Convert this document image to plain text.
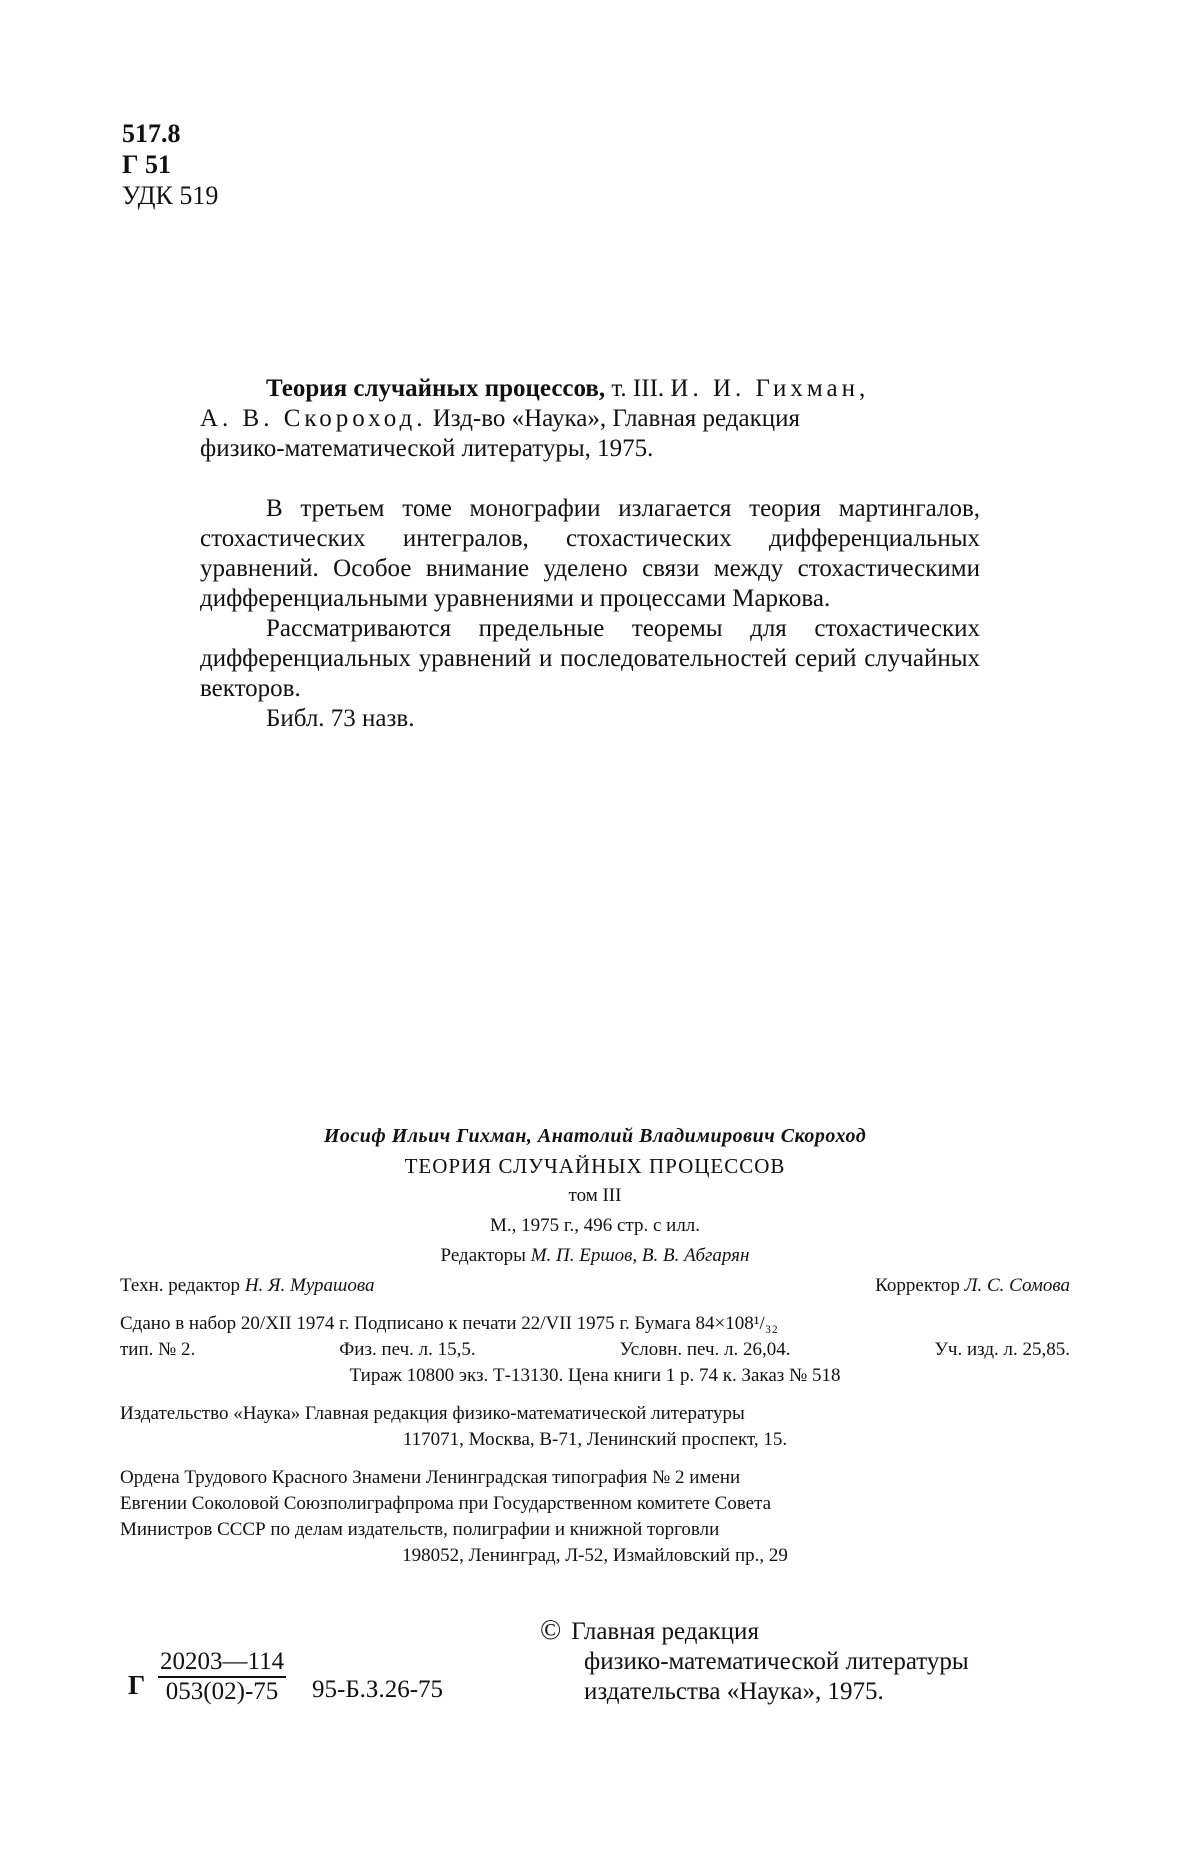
517.8
Г 51
УДК 519
Теория случайных процессов, т. III. И. И. Гихман,
А. В. Скороход. Изд-во «Наука», Главная редакция
физико-математической литературы, 1975.

В третьем томе монографии излагается теория мартингалов, стохастических интегралов, стохастических дифференциальных уравнений. Особое внимание уделено связи между стохастическими дифференциальными уравнениями и процессами Маркова.

Рассматриваются предельные теоремы для стохастических дифференциальных уравнений и последовательностей серий случайных векторов.

Библ. 73 назв.

Иосиф Ильич Гихман, Анатолий Владимирович Скороход
ТЕОРИЯ СЛУЧАЙНЫХ ПРОЦЕССОВ
том III
М., 1975 г., 496 стр. с илл.
Редакторы М. П. Ершов, В. В. Абгарян
Техн. редактор Н. Я. Мурашова	Корректор Л. С. Сомова
Сдано в набор 20/XII 1974 г. Подписано к печати 22/VII 1975 г. Бумага 84×108¹/₃₂
тип. № 2.	Физ. печ. л. 15,5.	Условн. печ. л. 26,04.	Уч. изд. л. 25,85.
Тираж 10800 экз. Т-13130. Цена книги 1 р. 74 к. Заказ № 518
Издательство «Наука» Главная редакция физико-математической литературы
117071, Москва, В-71, Ленинский проспект, 15.
Ордена Трудового Красного Знамени Ленинградская типография № 2 имени
Евгении Соколовой Союзполиграфпрома при Государственном комитете Совета
Министров СССР по делам издательств, полиграфии и книжной торговли
198052, Ленинград, Л-52, Измайловский пр., 29
Г $\frac{20203—114}{053(02)-75} 95-Б.З.26-75$
© Главная редакция
физико-математической литературы
издательства «Наука», 1975.
